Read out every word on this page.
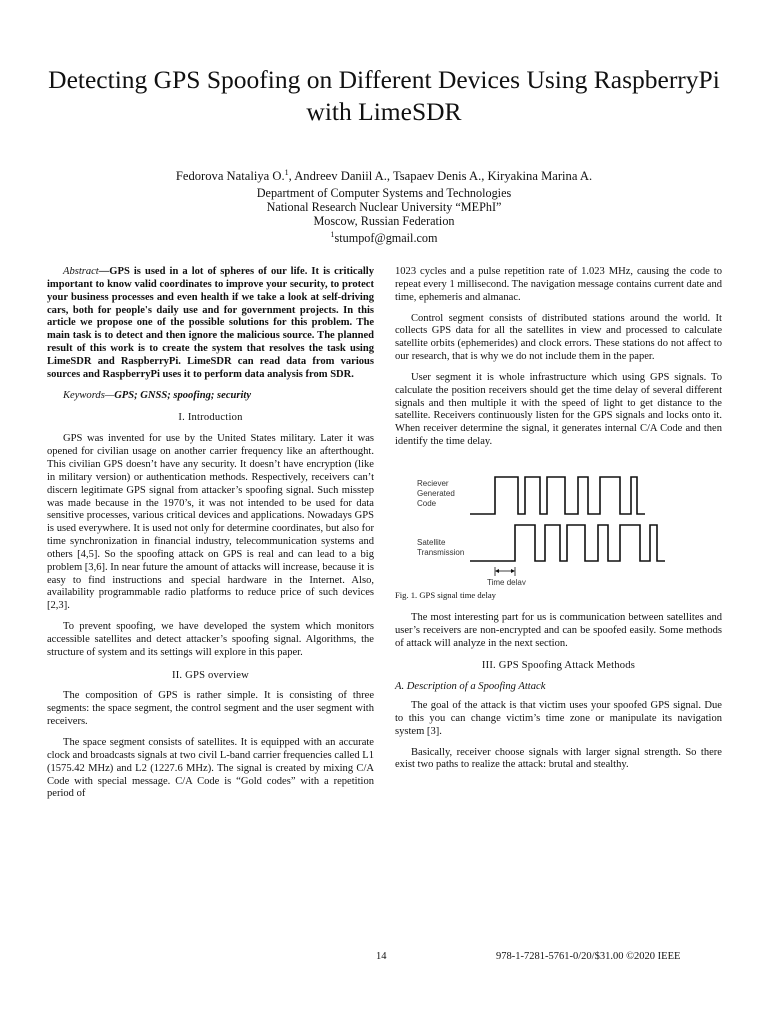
Detecting GPS Spoofing on Different Devices Using RaspberryPi with LimeSDR
Fedorova Nataliya O.$^1$, Andreev Daniil A., Tsapaev Denis A., Kiryakina Marina A.
Department of Computer Systems and Technologies
National Research Nuclear University “MEPhI”
Moscow, Russian Federation
$^1$stumpof@gmail.com

Abstract—GPS is used in a lot of spheres of our life. It is critically important to know valid coordinates to improve your security, to protect your business processes and even health if we take a look at self-driving cars, both for people's daily use and for government projects. In this article we propose one of the possible solutions for this problem. The main task is to detect and then ignore the malicious source. The planned result of this work is to create the system that resolves the task using LimeSDR and RaspberryPi. LimeSDR can read data from various sources and RaspberryPi uses it to perform data analysis from SDR.

Keywords—GPS; GNSS; spoofing; security

I. Introduction

GPS was invented for use by the United States military. Later it was opened for civilian usage on another carrier frequency like an afterthought. This civilian GPS doesn’t have any security. It doesn’t have encryption (like in military version) or authentication methods. Respectively, receivers can’t discern legitimate GPS signal from attacker’s spoofing signal. Such misstep was made because in the 1970’s, it was not intended to be used for data sensitive processes, various critical devices and applications. Nowadays GPS is used everywhere. It is used not only for determine coordinates, but also for time synchronization in financial industry, telecommunication systems and others [4,5]. So the spoofing attack on GPS is real and can lead to a big problem [3,6]. In near future the amount of attacks will increase, because it is easy to find instructions and special hardware in the Internet. Also, availability programmable radio platforms to reduce price of such devices [2,3].

To prevent spoofing, we have developed the system which monitors accessible satellites and detect attacker’s spoofing signal. Algorithms, the structure of system and its settings will explore in this paper.

II. GPS overview

The composition of GPS is rather simple. It is consisting of three segments: the space segment, the control segment and the user segment with receivers.

The space segment consists of satellites. It is equipped with an accurate clock and broadcasts signals at two civil L-band carrier frequencies called L1 (1575.42 MHz) and L2 (1227.6 MHz). The signal is created by mixing C/A Code with special message. C/A Code is “Gold codes” with a repetition period of

1023 cycles and a pulse repetition rate of 1.023 MHz, causing the code to repeat every 1 millisecond. The navigation message contains current date and time, ephemeris and almanac.

Control segment consists of distributed stations around the world. It collects GPS data for all the satellites in view and processed to calculate satellite orbits (ephemerides) and clock errors. These stations do not affect to our research, that is why we do not include them in the paper.

User segment it is whole infrastructure which using GPS signals. To calculate the position receivers should get the time delay of several different signals and then multiple it with the speed of light to get distance to the satellite. Receivers continuously listen for the GPS signals and locks onto it. When receiver determine the signal, it generates internal C/A Code and then identify the time delay.

Reciever
Generated
Code
Satellite
Transmission
Time delay

Fig. 1. GPS signal time delay

The most interesting part for us is communication between satellites and user’s receivers are non-encrypted and can be spoofed easily. Some methods of attack will analyze in the next section.

III. GPS Spoofing Attack Methods
A. Description of a Spoofing Attack

The goal of the attack is that victim uses your spoofed GPS signal. Due to this you can change victim’s time zone or manipulate its navigation system [3].

Basically, receiver choose signals with larger signal strength. So there exist two paths to realize the attack: brutal and stealthy.

14	978-1-7281-5761-0/20/$31.00 ©2020 IEEE
